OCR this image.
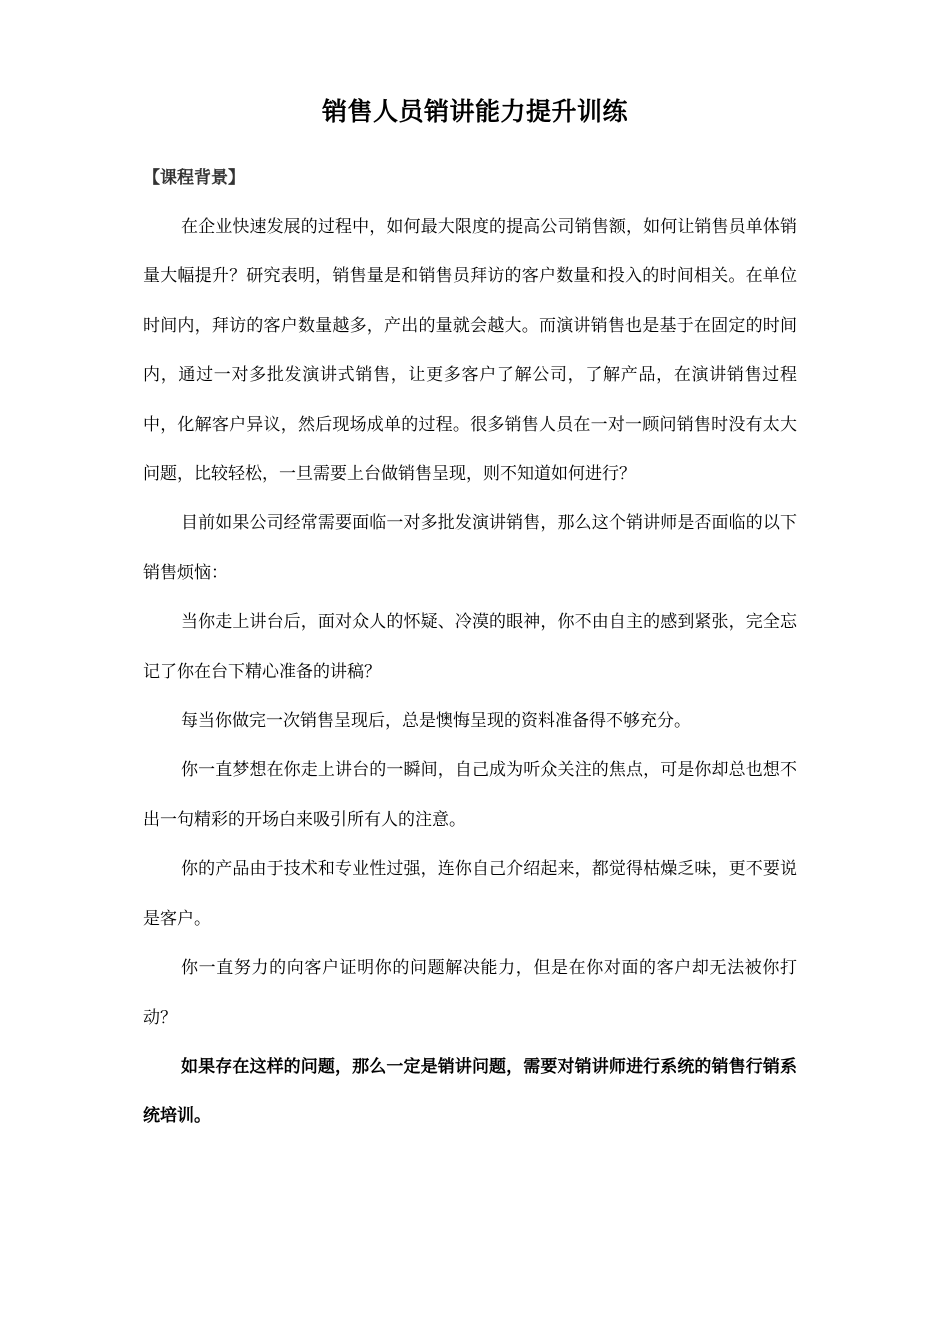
销售人员销讲能力提升训练
【课程背景】

在企业快速发展的过程中，如何最大限度的提高公司销售额，如何让销售员单体销量大幅提升？研究表明，销售量是和销售员拜访的客户数量和投入的时间相关。在单位时间内，拜访的客户数量越多，产出的量就会越大。而演讲销售也是基于在固定的时间内，通过一对多批发演讲式销售，让更多客户了解公司，了解产品，在演讲销售过程中，化解客户异议，然后现场成单的过程。很多销售人员在一对一顾问销售时没有太大问题，比较轻松，一旦需要上台做销售呈现，则不知道如何进行？

目前如果公司经常需要面临一对多批发演讲销售，那么这个销讲师是否面临的以下销售烦恼：

当你走上讲台后，面对众人的怀疑、冷漠的眼神，你不由自主的感到紧张，完全忘记了你在台下精心准备的讲稿？

每当你做完一次销售呈现后，总是懊悔呈现的资料准备得不够充分。

你一直梦想在你走上讲台的一瞬间，自己成为听众关注的焦点，可是你却总也想不出一句精彩的开场白来吸引所有人的注意。

你的产品由于技术和专业性过强，连你自己介绍起来，都觉得枯燥乏味，更不要说是客户。

你一直努力的向客户证明你的问题解决能力，但是在你对面的客户却无法被你打动？

如果存在这样的问题，那么一定是销讲问题，需要对销讲师进行系统的销售行销系统培训。
